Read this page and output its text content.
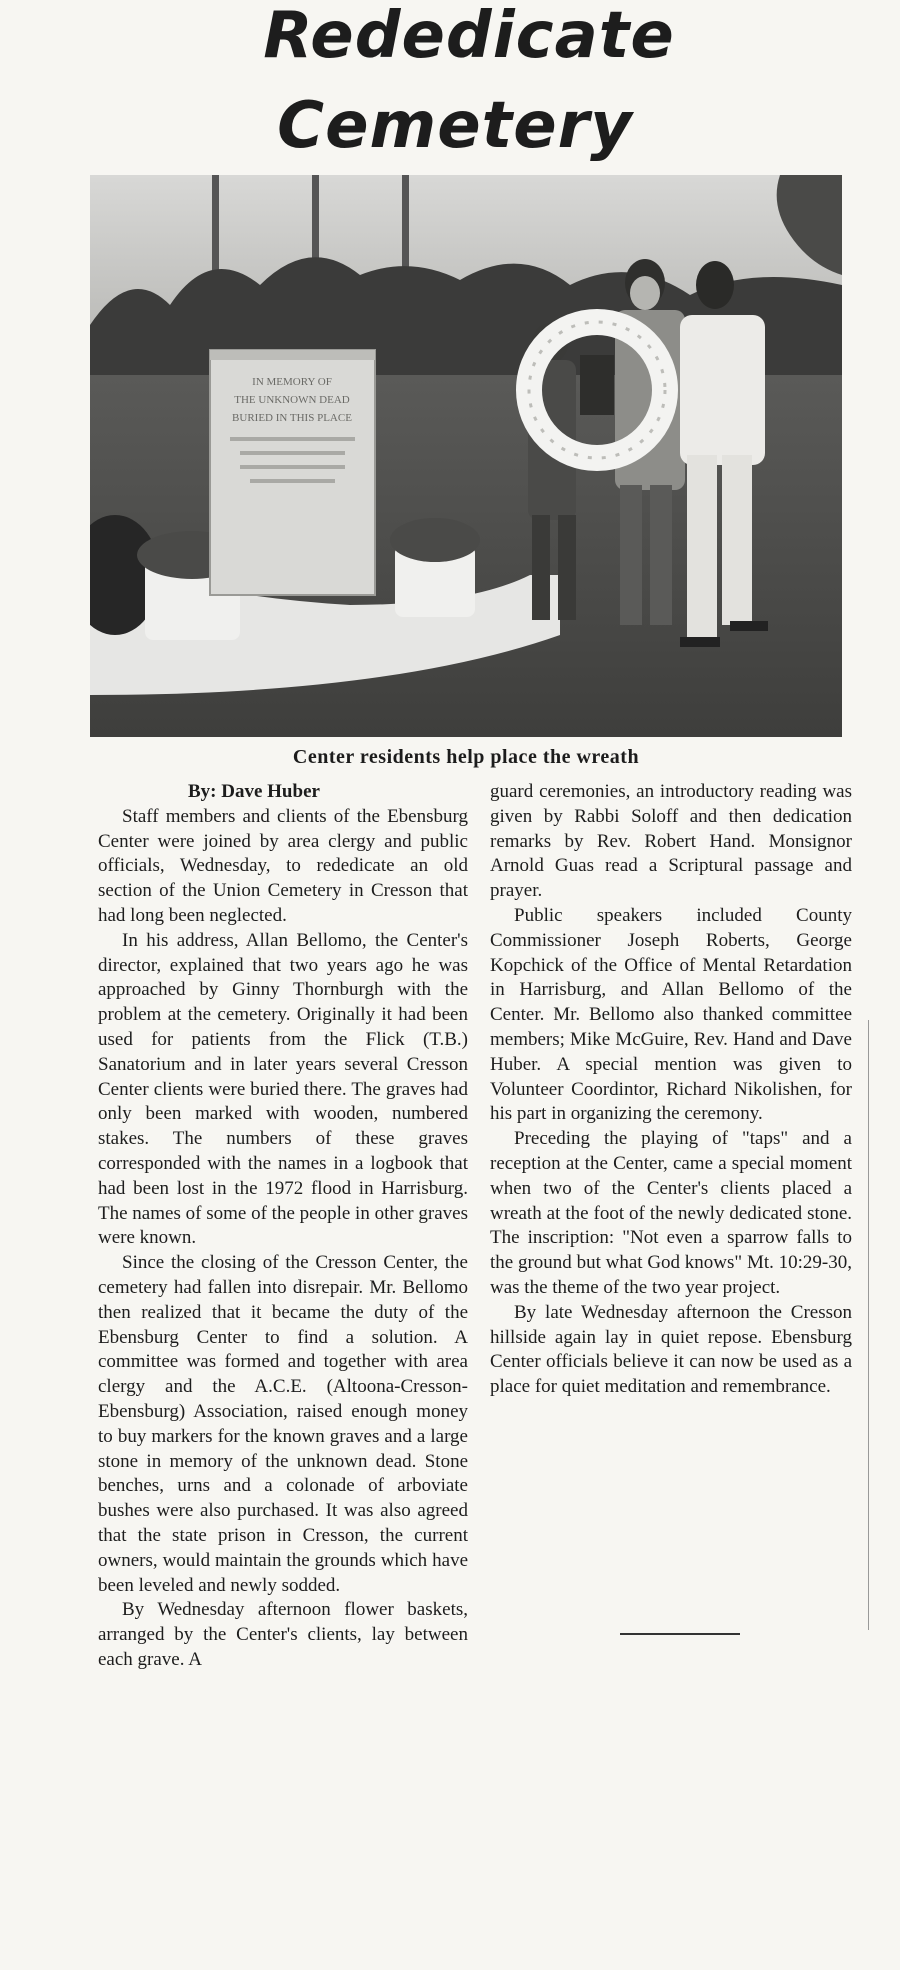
Rededicate
Cemetery
IN MEMORY OF
THE UNKNOWN DEAD
BURIED IN THIS PLACE
Center residents help place the wreath
By: Dave Huber

Staff members and clients of the Ebensburg Center were joined by area clergy and public officials, Wednesday, to rededicate an old section of the Union Cemetery in Cresson that had long been neglected.

In his address, Allan Bellomo, the Center's director, explained that two years ago he was approached by Ginny Thornburgh with the problem at the cemetery. Originally it had been used for patients from the Flick (T.B.) Sanatorium and in later years several Cresson Center clients were buried there. The graves had only been marked with wooden, numbered stakes. The numbers of these graves corresponded with the names in a logbook that had been lost in the 1972 flood in Harrisburg. The names of some of the people in other graves were known.

Since the closing of the Cresson Center, the cemetery had fallen into disrepair. Mr. Bellomo then realized that it became the duty of the Ebensburg Center to find a solution. A committee was formed and together with area clergy and the A.C.E. (Altoona-Cresson-Ebensburg) Association, raised enough money to buy markers for the known graves and a large stone in memory of the unknown dead. Stone benches, urns and a colonade of arboviate bushes were also purchased. It was also agreed that the state prison in Cresson, the current owners, would maintain the grounds which have been leveled and newly sodded.

By Wednesday afternoon flower baskets, arranged by the Center's clients, lay between each grave. A

guard ceremonies, an introductory reading was given by Rabbi Soloff and then dedication remarks by Rev. Robert Hand. Monsignor Arnold Guas read a Scriptural passage and prayer.

Public speakers included County Commissioner Joseph Roberts, George Kopchick of the Office of Mental Retardation in Harrisburg, and Allan Bellomo of the Center. Mr. Bellomo also thanked committee members; Mike McGuire, Rev. Hand and Dave Huber. A special mention was given to Volunteer Coordintor, Richard Nikolishen, for his part in organizing the ceremony.

Preceding the playing of "taps" and a reception at the Center, came a special moment when two of the Center's clients placed a wreath at the foot of the newly dedicated stone. The inscription: "Not even a sparrow falls to the ground but what God knows" Mt. 10:29-30, was the theme of the two year project.

By late Wednesday afternoon the Cresson hillside again lay in quiet repose. Ebensburg Center officials believe it can now be used as a place for quiet meditation and remembrance.
